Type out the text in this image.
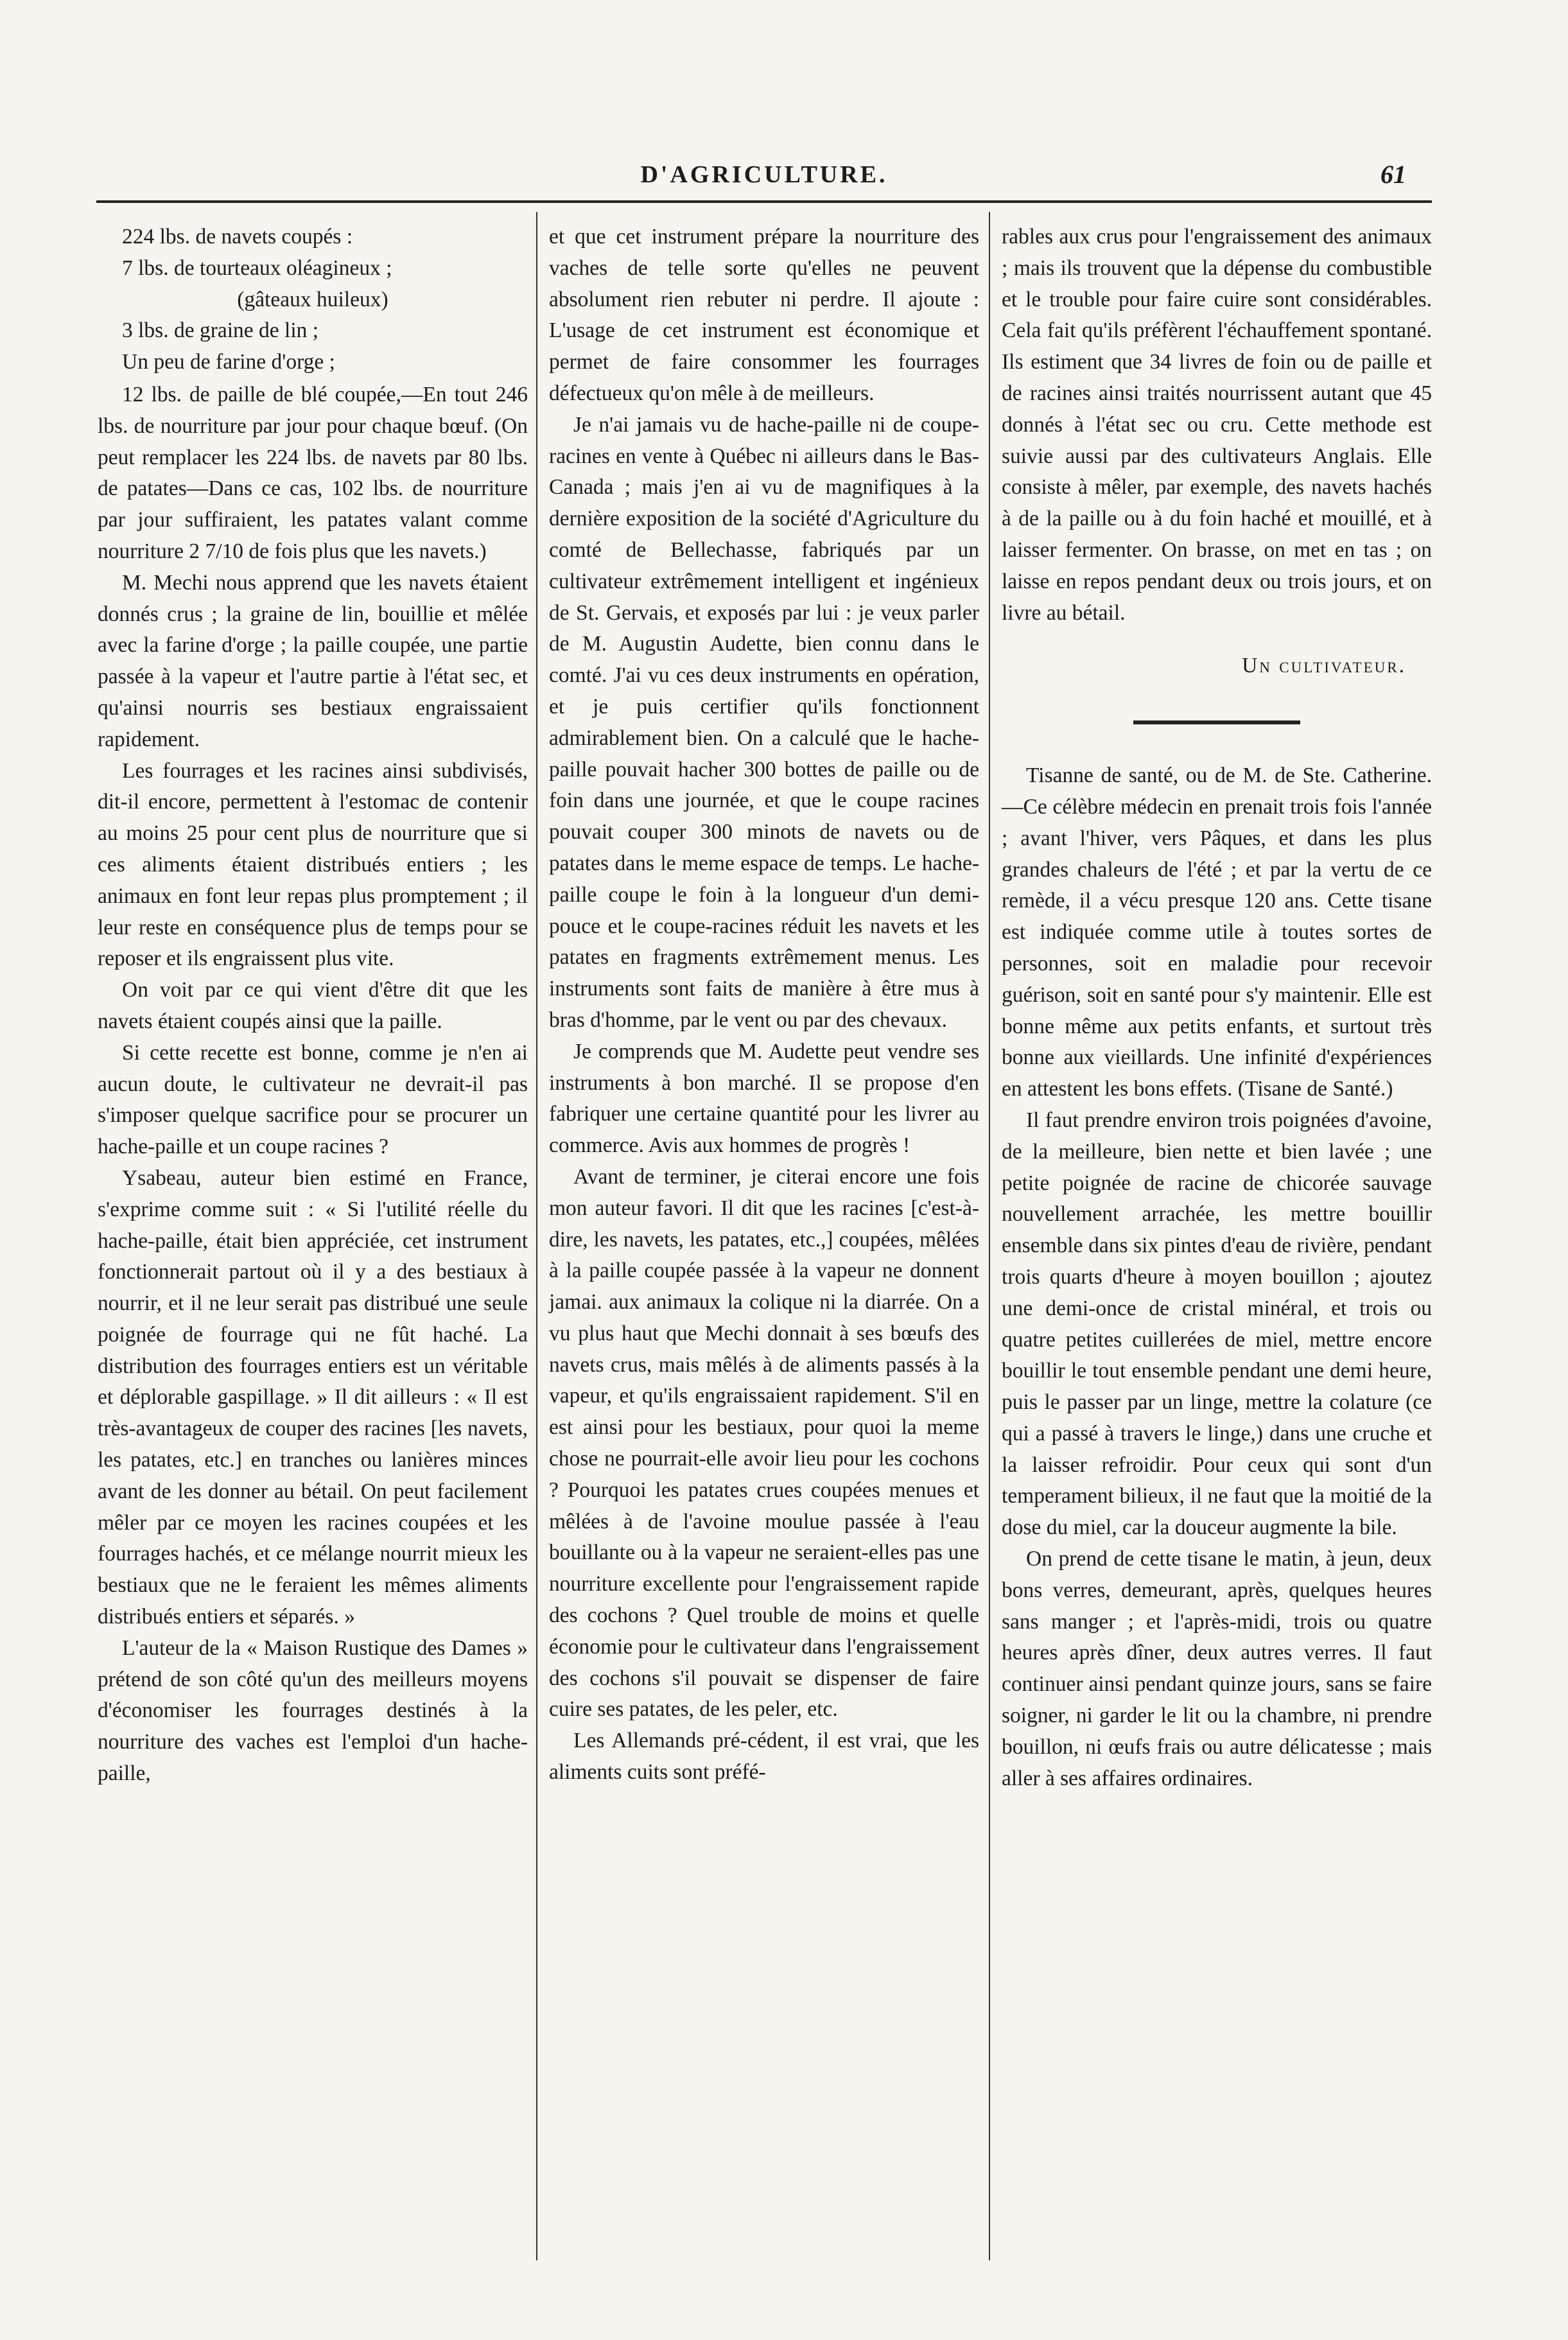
D'AGRICULTURE.	61
224 lbs. de navets coupés :
7 lbs. de tourteaux oléagineux ;
(gâteaux huileux)
3 lbs. de graine de lin ;
Un peu de farine d'orge ;

12 lbs. de paille de blé coupée,—En tout 246 lbs. de nourriture par jour pour chaque bœuf. (On peut remplacer les 224 lbs. de navets par 80 lbs. de patates—Dans ce cas, 102 lbs. de nourriture par jour suffiraient, les patates valant comme nourriture 2 7/10 de fois plus que les navets.)

M. Mechi nous apprend que les navets étaient donnés crus ; la graine de lin, bouillie et mêlée avec la farine d'orge ; la paille coupée, une partie passée à la vapeur et l'autre partie à l'état sec, et qu'ainsi nourris ses bestiaux engraissaient rapidement.

Les fourrages et les racines ainsi subdivisés, dit-il encore, permettent à l'estomac de contenir au moins 25 pour cent plus de nourriture que si ces aliments étaient distribués entiers ; les animaux en font leur repas plus promptement ; il leur reste en conséquence plus de temps pour se reposer et ils engraissent plus vite.

On voit par ce qui vient d'être dit que les navets étaient coupés ainsi que la paille.

Si cette recette est bonne, comme je n'en ai aucun doute, le cultivateur ne devrait-il pas s'imposer quelque sacrifice pour se procurer un hache-paille et un coupe racines ?

Ysabeau, auteur bien estimé en France, s'exprime comme suit : « Si l'utilité réelle du hache-paille, était bien appréciée, cet instrument fonctionnerait partout où il y a des bestiaux à nourrir, et il ne leur serait pas distribué une seule poignée de fourrage qui ne fût haché. La distribution des fourrages entiers est un véritable et déplorable gaspillage. » Il dit ailleurs : « Il est très-avantageux de couper des racines [les navets, les patates, etc.] en tranches ou lanières minces avant de les donner au bétail. On peut facilement mêler par ce moyen les racines coupées et les fourrages hachés, et ce mélange nourrit mieux les bestiaux que ne le feraient les mêmes aliments distribués entiers et séparés. »

L'auteur de la « Maison Rustique des Dames » prétend de son côté qu'un des meilleurs moyens d'économiser les fourrages destinés à la nourriture des vaches est l'emploi d'un hache-paille,

et que cet instrument prépare la nourriture des vaches de telle sorte qu'elles ne peuvent absolument rien rebuter ni perdre. Il ajoute : L'usage de cet instrument est économique et permet de faire consommer les fourrages défectueux qu'on mêle à de meilleurs.

Je n'ai jamais vu de hache-paille ni de coupe-racines en vente à Québec ni ailleurs dans le Bas-Canada ; mais j'en ai vu de magnifiques à la dernière exposition de la société d'Agriculture du comté de Bellechasse, fabriqués par un cultivateur extrêmement intelligent et ingénieux de St. Gervais, et exposés par lui : je veux parler de M. Augustin Audette, bien connu dans le comté. J'ai vu ces deux instruments en opération, et je puis certifier qu'ils fonctionnent admirablement bien. On a calculé que le hache-paille pouvait hacher 300 bottes de paille ou de foin dans une journée, et que le coupe racines pouvait couper 300 minots de navets ou de patates dans le meme espace de temps. Le hache-paille coupe le foin à la longueur d'un demi-pouce et le coupe-racines réduit les navets et les patates en fragments extrêmement menus. Les instruments sont faits de manière à être mus à bras d'homme, par le vent ou par des chevaux.

Je comprends que M. Audette peut vendre ses instruments à bon marché. Il se propose d'en fabriquer une certaine quantité pour les livrer au commerce. Avis aux hommes de progrès !

Avant de terminer, je citerai encore une fois mon auteur favori. Il dit que les racines [c'est-à-dire, les navets, les patates, etc.,] coupées, mêlées à la paille coupée passée à la vapeur ne donnent jamai. aux animaux la colique ni la diarrée. On a vu plus haut que Mechi donnait à ses bœufs des navets crus, mais mêlés à de aliments passés à la vapeur, et qu'ils engraissaient rapidement. S'il en est ainsi pour les bestiaux, pour quoi la meme chose ne pourrait-elle avoir lieu pour les cochons ? Pourquoi les patates crues coupées menues et mêlées à de l'avoine moulue passée à l'eau bouillante ou à la vapeur ne seraient-elles pas une nourriture excellente pour l'engraissement rapide des cochons ? Quel trouble de moins et quelle économie pour le cultivateur dans l'engraissement des cochons s'il pouvait se dispenser de faire cuire ses patates, de les peler, etc.

Les Allemands pré-cédent, il est vrai, que les aliments cuits sont préfé-

rables aux crus pour l'engraissement des animaux ; mais ils trouvent que la dépense du combustible et le trouble pour faire cuire sont considérables. Cela fait qu'ils préfèrent l'échauffement spontané. Ils estiment que 34 livres de foin ou de paille et de racines ainsi traités nourrissent autant que 45 donnés à l'état sec ou cru. Cette methode est suivie aussi par des cultivateurs Anglais. Elle consiste à mêler, par exemple, des navets hachés à de la paille ou à du foin haché et mouillé, et à laisser fermenter. On brasse, on met en tas ; on laisse en repos pendant deux ou trois jours, et on livre au bétail.

Un cultivateur.

Tisanne de santé, ou de M. de Ste. Catherine.—Ce célèbre médecin en prenait trois fois l'année ; avant l'hiver, vers Pâques, et dans les plus grandes chaleurs de l'été ; et par la vertu de ce remède, il a vécu presque 120 ans. Cette tisane est indiquée comme utile à toutes sortes de personnes, soit en maladie pour recevoir guérison, soit en santé pour s'y maintenir. Elle est bonne même aux petits enfants, et surtout très bonne aux vieillards. Une infinité d'expériences en attestent les bons effets. (Tisane de Santé.)

Il faut prendre environ trois poignées d'avoine, de la meilleure, bien nette et bien lavée ; une petite poignée de racine de chicorée sauvage nouvellement arrachée, les mettre bouillir ensemble dans six pintes d'eau de rivière, pendant trois quarts d'heure à moyen bouillon ; ajoutez une demi-once de cristal minéral, et trois ou quatre petites cuillerées de miel, mettre encore bouillir le tout ensemble pendant une demi heure, puis le passer par un linge, mettre la colature (ce qui a passé à travers le linge,) dans une cruche et la laisser refroidir. Pour ceux qui sont d'un temperament bilieux, il ne faut que la moitié de la dose du miel, car la douceur augmente la bile.

On prend de cette tisane le matin, à jeun, deux bons verres, demeurant, après, quelques heures sans manger ; et l'après-midi, trois ou quatre heures après dîner, deux autres verres. Il faut continuer ainsi pendant quinze jours, sans se faire soigner, ni garder le lit ou la chambre, ni prendre bouillon, ni œufs frais ou autre délicatesse ; mais aller à ses affaires ordinaires.
